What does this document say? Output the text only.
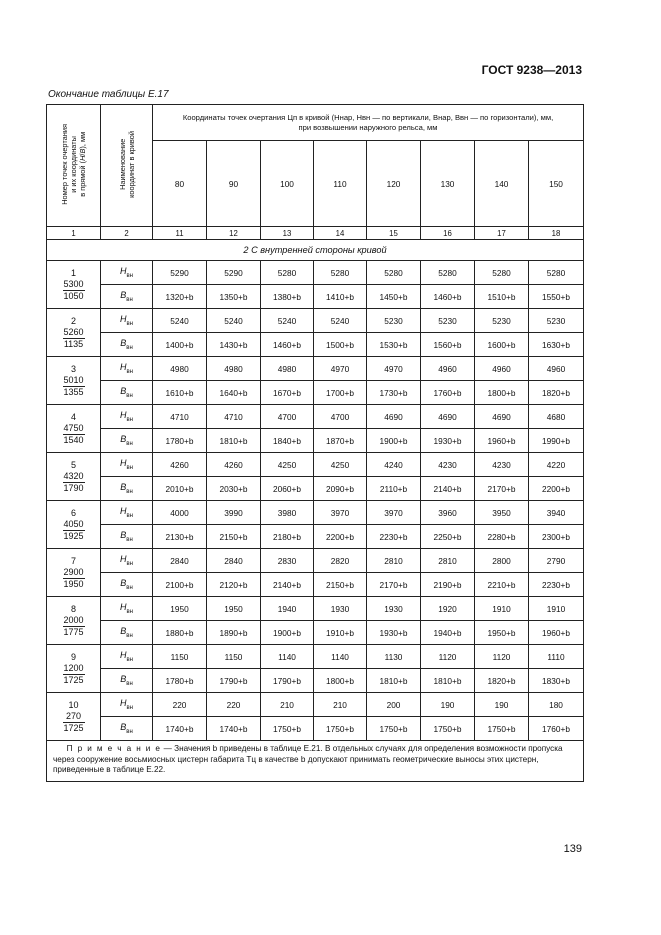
ГОСТ 9238—2013
Окончание таблицы Е.17
Номер точек очертания
и их координаты
в прямой (H/B), мм	Наименование
координат в кривой	Координаты точек очертания Цп в кривой (Hнар, Hвн — по вертикали, Bнар, Bвн — по горизонтали), мм,
при возвышении наружного рельса, мм							
		80	90	100	110	120	130	140	150
1	2	11	12	13	14	15	16	17	18
2 С внутренней стороны кривой									

1
5300
1050	$H_{вн}$	5290	5290	5280	5280	5280	5280	5280	5280
	$B_{вн}$	1320+b	1350+b	1380+b	1410+b	1450+b	1460+b	1510+b	1550+b

2
5260
1135	$H_{вн}$	5240	5240	5240	5240	5230	5230	5230	5230
	$B_{вн}$	1400+b	1430+b	1460+b	1500+b	1530+b	1560+b	1600+b	1630+b

3
5010
1355	$H_{вн}$	4980	4980	4980	4970	4970	4960	4960	4960
	$B_{вн}$	1610+b	1640+b	1670+b	1700+b	1730+b	1760+b	1800+b	1820+b

4
4750
1540	$H_{вн}$	4710	4710	4700	4700	4690	4690	4690	4680
	$B_{вн}$	1780+b	1810+b	1840+b	1870+b	1900+b	1930+b	1960+b	1990+b

5
4320
1790	$H_{вн}$	4260	4260	4250	4250	4240	4230	4230	4220
	$B_{вн}$	2010+b	2030+b	2060+b	2090+b	2110+b	2140+b	2170+b	2200+b

6
4050
1925	$H_{вн}$	4000	3990	3980	3970	3970	3960	3950	3940
	$B_{вн}$	2130+b	2150+b	2180+b	2200+b	2230+b	2250+b	2280+b	2300+b

7
2900
1950	$H_{вн}$	2840	2840	2830	2820	2810	2810	2800	2790
	$B_{вн}$	2100+b	2120+b	2140+b	2150+b	2170+b	2190+b	2210+b	2230+b

8
2000
1775	$H_{вн}$	1950	1950	1940	1930	1930	1920	1910	1910
	$B_{вн}$	1880+b	1890+b	1900+b	1910+b	1930+b	1940+b	1950+b	1960+b

9
1200
1725	$H_{вн}$	1150	1150	1140	1140	1130	1120	1120	1110
	$B_{вн}$	1780+b	1790+b	1790+b	1800+b	1810+b	1810+b	1820+b	1830+b

10
270
1725	$H_{вн}$	220	220	210	210	200	190	190	180
	$B_{вн}$	1740+b	1740+b	1750+b	1750+b	1750+b	1750+b	1750+b	1760+b
П р и м е ч а н и е — Значения b приведены в таблице Е.21. В отдельных случаях для определения возможности пропуска через сооружение восьмиосных цистерн габарита Тц в качестве b допускают принимать геометрические выносы этих цистерн, приведенные в таблице Е.22.									
139
